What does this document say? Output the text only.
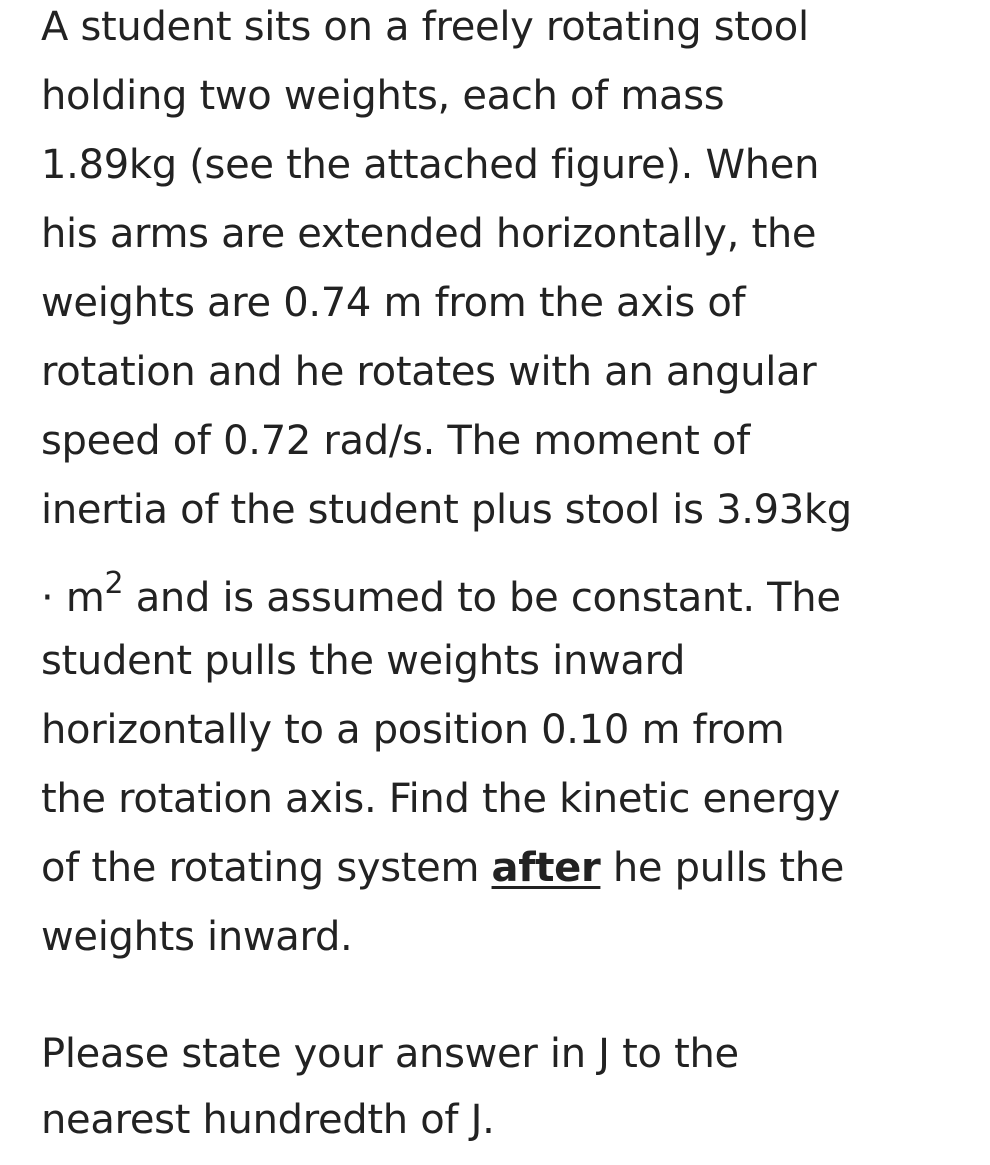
A student sits on a freely rotating stool
holding two weights, each of mass
1.89kg (see the attached figure). When
his arms are extended horizontally, the
weights are 0.74 m from the axis of
rotation and he rotates with an angular
speed of 0.72 rad/s. The moment of
inertia of the student plus stool is 3.93kg
· $m^2$ and is assumed to be constant. The
student pulls the weights inward
horizontally to a position 0.10 m from
the rotation axis. Find the kinetic energy
of the rotating system after he pulls the
weights inward.
Please state your answer in J to the
nearest hundredth of J.
